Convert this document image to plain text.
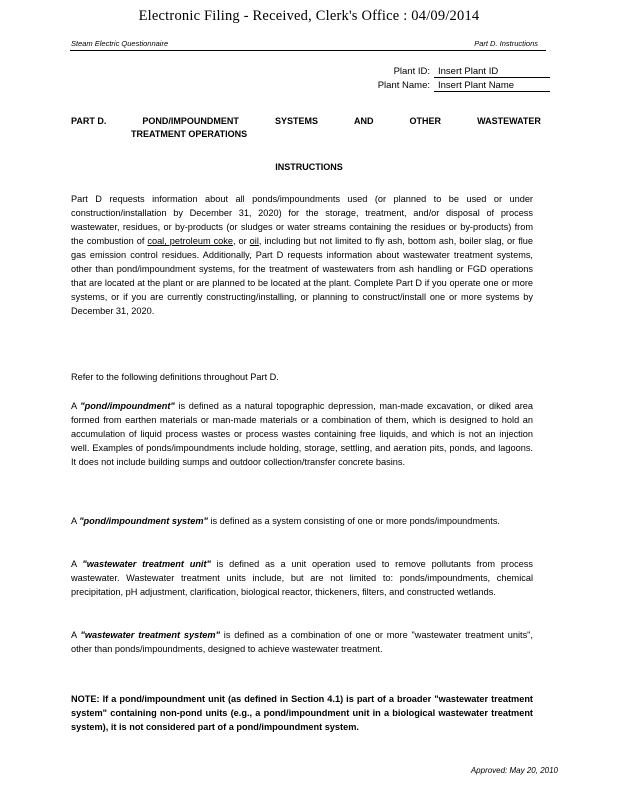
Electronic Filing - Received, Clerk's Office : 04/09/2014
Steam Electric Questionnaire	Part D. Instructions
Plant ID: Insert Plant ID
Plant Name: Insert Plant Name
PART D.	POND/IMPOUNDMENT	SYSTEMS	AND	OTHER	WASTEWATER
TREATMENT OPERATIONS
INSTRUCTIONS
Part D requests information about all ponds/impoundments used (or planned to be used or under construction/installation by December 31, 2020) for the storage, treatment, and/or disposal of process wastewater, residues, or by-products (or sludges or water streams containing the residues or by-products) from the combustion of coal, petroleum coke, or oil, including but not limited to fly ash, bottom ash, boiler slag, or flue gas emission control residues. Additionally, Part D requests information about wastewater treatment systems, other than pond/impoundment systems, for the treatment of wastewaters from ash handling or FGD operations that are located at the plant or are planned to be located at the plant. Complete Part D if you operate one or more systems, or if you are currently constructing/installing, or planning to construct/install one or more systems by December 31, 2020.
Refer to the following definitions throughout Part D.
A "pond/impoundment" is defined as a natural topographic depression, man-made excavation, or diked area formed from earthen materials or man-made materials or a combination of them, which is designed to hold an accumulation of liquid process wastes or process wastes containing free liquids, and which is not an injection well. Examples of ponds/impoundments include holding, storage, settling, and aeration pits, ponds, and lagoons. It does not include building sumps and outdoor collection/transfer concrete basins.
A "pond/impoundment system" is defined as a system consisting of one or more ponds/impoundments.
A "wastewater treatment unit" is defined as a unit operation used to remove pollutants from process wastewater. Wastewater treatment units include, but are not limited to: ponds/impoundments, chemical precipitation, pH adjustment, clarification, biological reactor, thickeners, filters, and constructed wetlands.
A "wastewater treatment system" is defined as a combination of one or more "wastewater treatment units", other than ponds/impoundments, designed to achieve wastewater treatment.
NOTE: If a pond/impoundment unit (as defined in Section 4.1) is part of a broader "wastewater treatment system" containing non-pond units (e.g., a pond/impoundment unit in a biological wastewater treatment system), it is not considered part of a pond/impoundment system.
Approved: May 20, 2010
